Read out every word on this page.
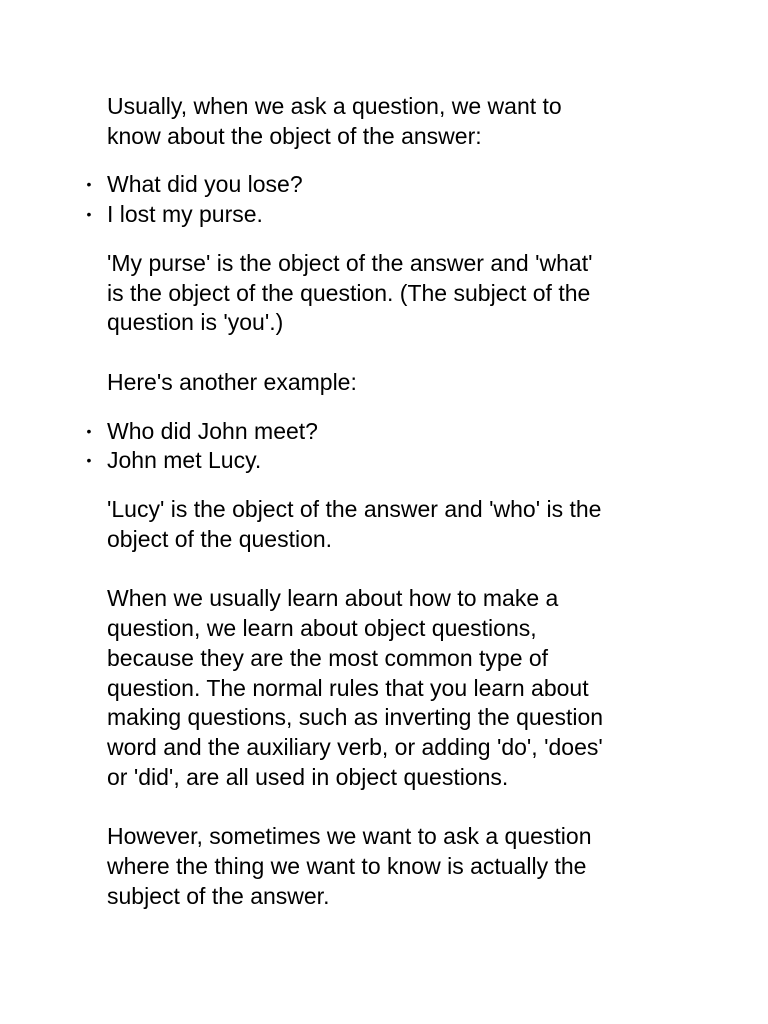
Usually, when we ask a question, we want to
know about the object of the answer:

• What did you lose?
• I lost my purse.

'My purse' is the object of the answer and 'what'
is the object of the question. (The subject of the
question is 'you'.)

Here's another example:

• Who did John meet?
• John met Lucy.

'Lucy' is the object of the answer and 'who' is the
object of the question.

When we usually learn about how to make a
question, we learn about object questions,
because they are the most common type of
question. The normal rules that you learn about
making questions, such as inverting the question
word and the auxiliary verb, or adding 'do', 'does'
or 'did', are all used in object questions.

However, sometimes we want to ask a question
where the thing we want to know is actually the
subject of the answer.
